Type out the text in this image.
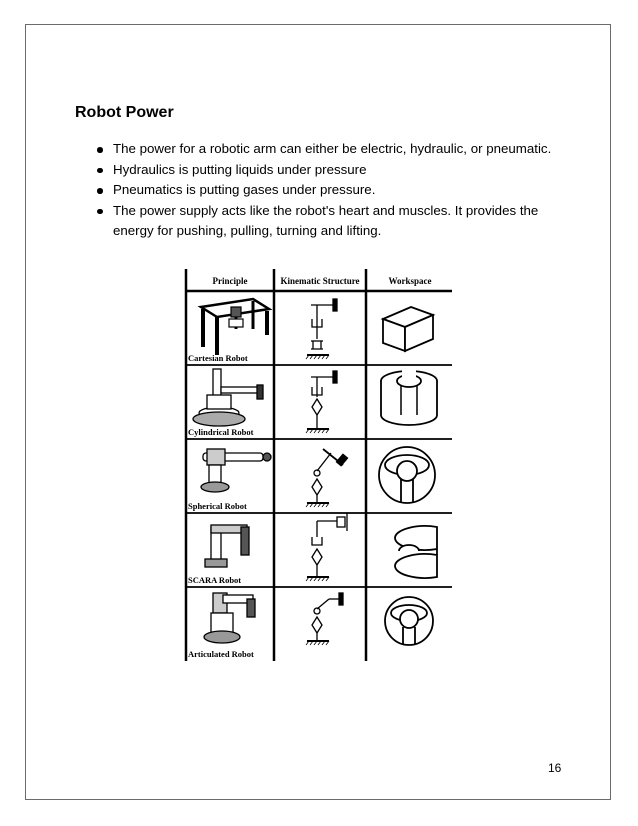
Robot Power
The power for a robotic arm can either be electric, hydraulic, or pneumatic.
Hydraulics is putting liquids under pressure
Pneumatics is putting gases under pressure.
The power supply acts like the robot's heart and muscles. It provides the energy for pushing, pulling, turning and lifting.
Principle	Kinematic Structure	Workspace
Cartesian Robot
Cylindrical Robot
Spherical Robot
SCARA Robot
Articulated Robot
16
